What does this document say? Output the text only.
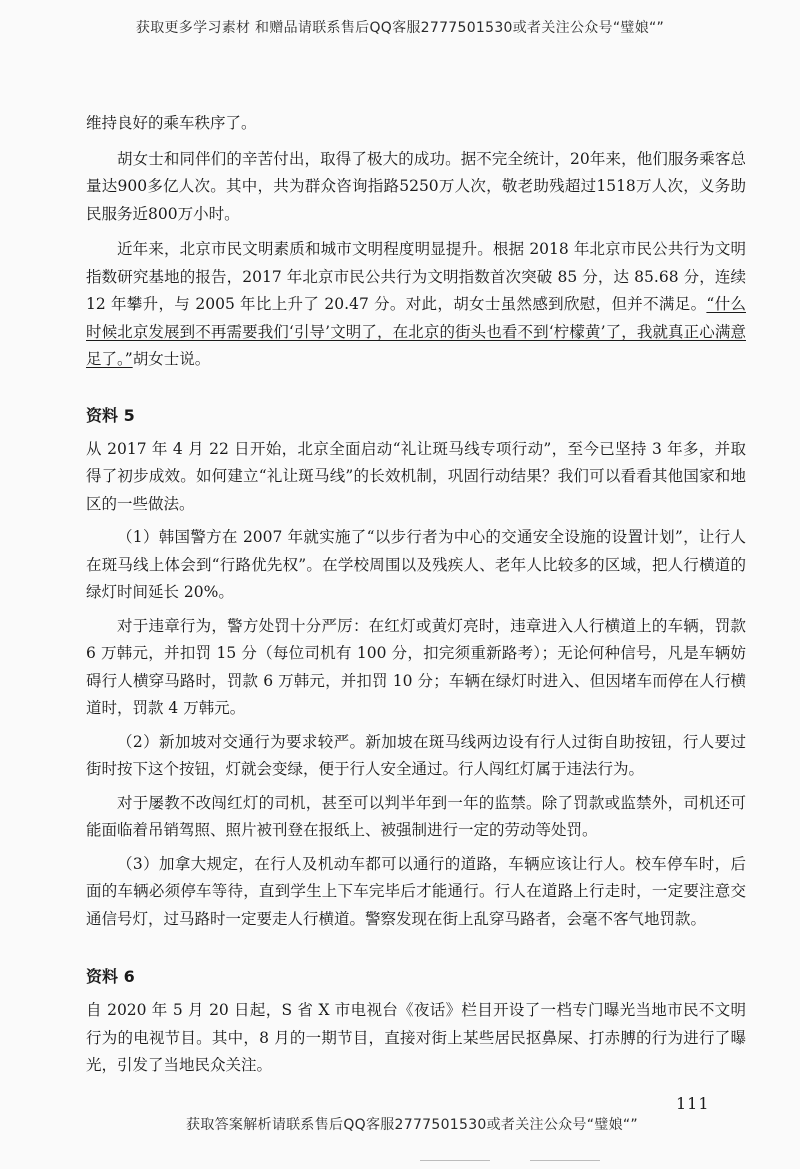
获取更多学习素材 和赠品请联系售后QQ客服2777501530或者关注公众号“璧娘“”

维持良好的乘车秩序了。

胡女士和同伴们的辛苦付出，取得了极大的成功。据不完全统计，20年来，他们服务乘客总量达900多亿人次。其中，共为群众咨询指路5250万人次，敬老助残超过1518万人次，义务助民服务近800万小时。

近年来，北京市民文明素质和城市文明程度明显提升。根据 2018 年北京市民公共行为文明指数研究基地的报告，2017 年北京市民公共行为文明指数首次突破 85 分，达 85.68 分，连续 12 年攀升，与 2005 年比上升了 20.47 分。对此，胡女士虽然感到欣慰，但并不满足。“什么时候北京发展到不再需要我们‘引导’文明了，在北京的街头也看不到‘柠檬黄’了，我就真正心满意足了。”胡女士说。

资料 5

从 2017 年 4 月 22 日开始，北京全面启动“礼让斑马线专项行动”，至今已坚持 3 年多，并取得了初步成效。如何建立“礼让斑马线”的长效机制，巩固行动结果？我们可以看看其他国家和地区的一些做法。

（1）韩国警方在 2007 年就实施了“以步行者为中心的交通安全设施的设置计划”，让行人在斑马线上体会到“行路优先权”。在学校周围以及残疾人、老年人比较多的区域，把人行横道的绿灯时间延长 20%。

对于违章行为，警方处罚十分严厉：在红灯或黄灯亮时，违章进入人行横道上的车辆，罚款 6 万韩元，并扣罚 15 分（每位司机有 100 分，扣完须重新路考）；无论何种信号，凡是车辆妨碍行人横穿马路时，罚款 6 万韩元，并扣罚 10 分；车辆在绿灯时进入、但因堵车而停在人行横道时，罚款 4 万韩元。

（2）新加坡对交通行为要求较严。新加坡在斑马线两边设有行人过街自助按钮，行人要过街时按下这个按钮，灯就会变绿，便于行人安全通过。行人闯红灯属于违法行为。

对于屡教不改闯红灯的司机，甚至可以判半年到一年的监禁。除了罚款或监禁外，司机还可能面临着吊销驾照、照片被刊登在报纸上、被强制进行一定的劳动等处罚。

（3）加拿大规定，在行人及机动车都可以通行的道路，车辆应该让行人。校车停车时，后面的车辆必须停车等待，直到学生上下车完毕后才能通行。行人在道路上行走时，一定要注意交通信号灯，过马路时一定要走人行横道。警察发现在街上乱穿马路者，会毫不客气地罚款。

资料 6

自 2020 年 5 月 20 日起，S 省 X 市电视台《夜话》栏目开设了一档专门曝光当地市民不文明行为的电视节目。其中，8 月的一期节目，直接对街上某些居民抠鼻屎、打赤膊的行为进行了曝光，引发了当地民众关注。

111
获取答案解析请联系售后QQ客服2777501530或者关注公众号“璧娘“”
